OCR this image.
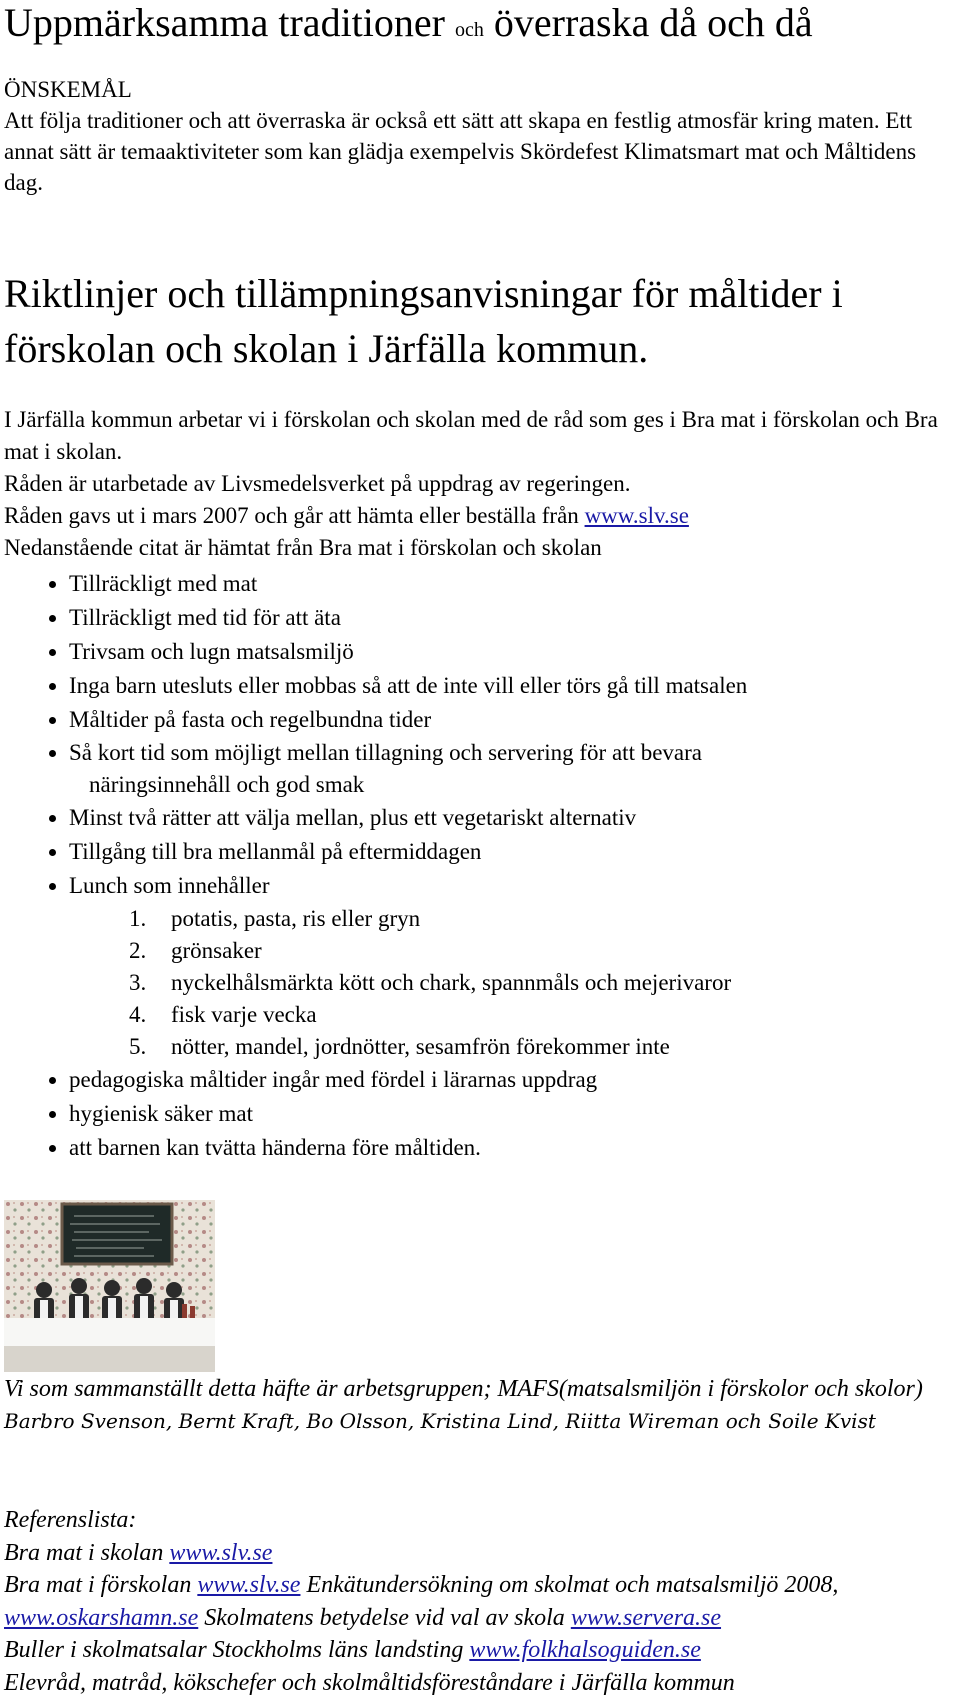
Uppmärksamma traditioner och överraska då och då
ÖNSKEMÅL
Att följa traditioner och att överraska är också ett sätt att skapa en festlig atmosfär kring maten. Ett annat sätt är temaaktiviteter som kan glädja exempelvis Skördefest Klimatsmart mat och Måltidens dag.
Riktlinjer och tillämpningsanvisningar för måltider i förskolan och skolan i Järfälla kommun.
I Järfälla kommun arbetar vi i förskolan och skolan med de råd som ges i Bra mat i förskolan och Bra mat i skolan.
Råden är utarbetade av Livsmedelsverket på uppdrag av regeringen.
Råden gavs ut i mars 2007 och går att hämta eller beställa från www.slv.se
Nedanstående citat är hämtat från Bra mat i förskolan och skolan
Tillräckligt med mat
Tillräckligt med tid för att äta
Trivsam och lugn matsalsmiljö
Inga barn utesluts eller mobbas så att de inte vill eller törs gå till matsalen
Måltider på fasta och regelbundna tider
Så kort tid som möjligt mellan tillagning och servering för att bevara
näringsinnehåll och god smak
Minst två rätter att välja mellan, plus ett vegetariskt alternativ
Tillgång till bra mellanmål på eftermiddagen
Lunch som innehåller
1.	potatis, pasta, ris eller gryn
2.	grönsaker
3.	nyckelhålsmärkta kött och chark, spannmåls och mejerivaror
4.	fisk varje vecka
5.	nötter, mandel, jordnötter, sesamfrön förekommer inte
pedagogiska måltider ingår med fördel i lärarnas uppdrag
hygienisk säker mat
att barnen kan tvätta händerna före måltiden.
Vi som sammanställt detta häfte är arbetsgruppen; MAFS(matsalsmiljön i förskolor och skolor) Barbro Svenson, Bernt Kraft, Bo Olsson, Kristina Lind, Riitta Wireman och Soile Kvist
Referenslista:
Bra mat i skolan www.slv.se
Bra mat i förskolan www.slv.se Enkätundersökning om skolmat och matsalsmiljö 2008, www.oskarshamn.se Skolmatens betydelse vid val av skola www.servera.se
Buller i skolmatsalar Stockholms läns landsting www.folkhalsoguiden.se
Elevråd, matråd, kökschefer och skolmåltidsföreståndare i Järfälla kommun
